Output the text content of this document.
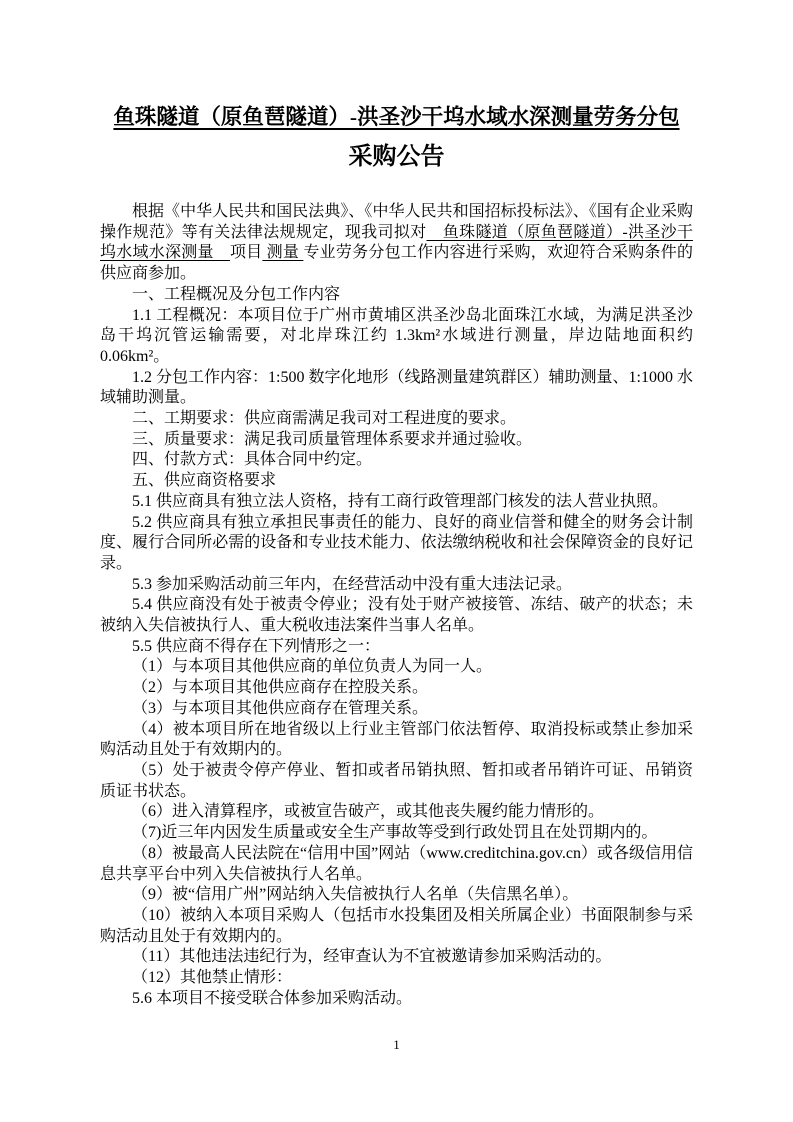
鱼珠隧道（原鱼琶隧道）-洪圣沙干坞水域水深测量劳务分包
采购公告

根据《中华人民共和国民法典》、《中华人民共和国招标投标法》、《国有企业采购操作规范》等有关法律法规规定，现我司拟对　鱼珠隧道（原鱼琶隧道）-洪圣沙干坞水域水深测量　项目 测量 专业劳务分包工作内容进行采购，欢迎符合采购条件的供应商参加。

一、工程概况及分包工作内容

1.1 工程概况：本项目位于广州市黄埔区洪圣沙岛北面珠江水域，为满足洪圣沙岛干坞沉管运输需要，对北岸珠江约 1.3km²水域进行测量，岸边陆地面积约 0.06km²。

1.2 分包工作内容：1:500 数字化地形（线路测量建筑群区）辅助测量、1:1000 水域辅助测量。

二、工期要求：供应商需满足我司对工程进度的要求。

三、质量要求：满足我司质量管理体系要求并通过验收。

四、付款方式：具体合同中约定。

五、供应商资格要求

5.1 供应商具有独立法人资格，持有工商行政管理部门核发的法人营业执照。

5.2 供应商具有独立承担民事责任的能力、良好的商业信誉和健全的财务会计制度、履行合同所必需的设备和专业技术能力、依法缴纳税收和社会保障资金的良好记录。

5.3 参加采购活动前三年内，在经营活动中没有重大违法记录。

5.4 供应商没有处于被责令停业；没有处于财产被接管、冻结、破产的状态；未被纳入失信被执行人、重大税收违法案件当事人名单。

5.5 供应商不得存在下列情形之一：

（1）与本项目其他供应商的单位负责人为同一人。

（2）与本项目其他供应商存在控股关系。

（3）与本项目其他供应商存在管理关系。

（4）被本项目所在地省级以上行业主管部门依法暂停、取消投标或禁止参加采购活动且处于有效期内的。

（5）处于被责令停产停业、暂扣或者吊销执照、暂扣或者吊销许可证、吊销资质证书状态。

（6）进入清算程序，或被宣告破产，或其他丧失履约能力情形的。

（7)近三年内因发生质量或安全生产事故等受到行政处罚且在处罚期内的。

（8）被最高人民法院在“信用中国”网站（www.creditchina.gov.cn）或各级信用信息共享平台中列入失信被执行人名单。

（9）被“信用广州”网站纳入失信被执行人名单（失信黑名单）。

（10）被纳入本项目采购人（包括市水投集团及相关所属企业）书面限制参与采购活动且处于有效期内的。

（11）其他违法违纪行为，经审查认为不宜被邀请参加采购活动的。

（12）其他禁止情形：

5.6 本项目不接受联合体参加采购活动。

1
